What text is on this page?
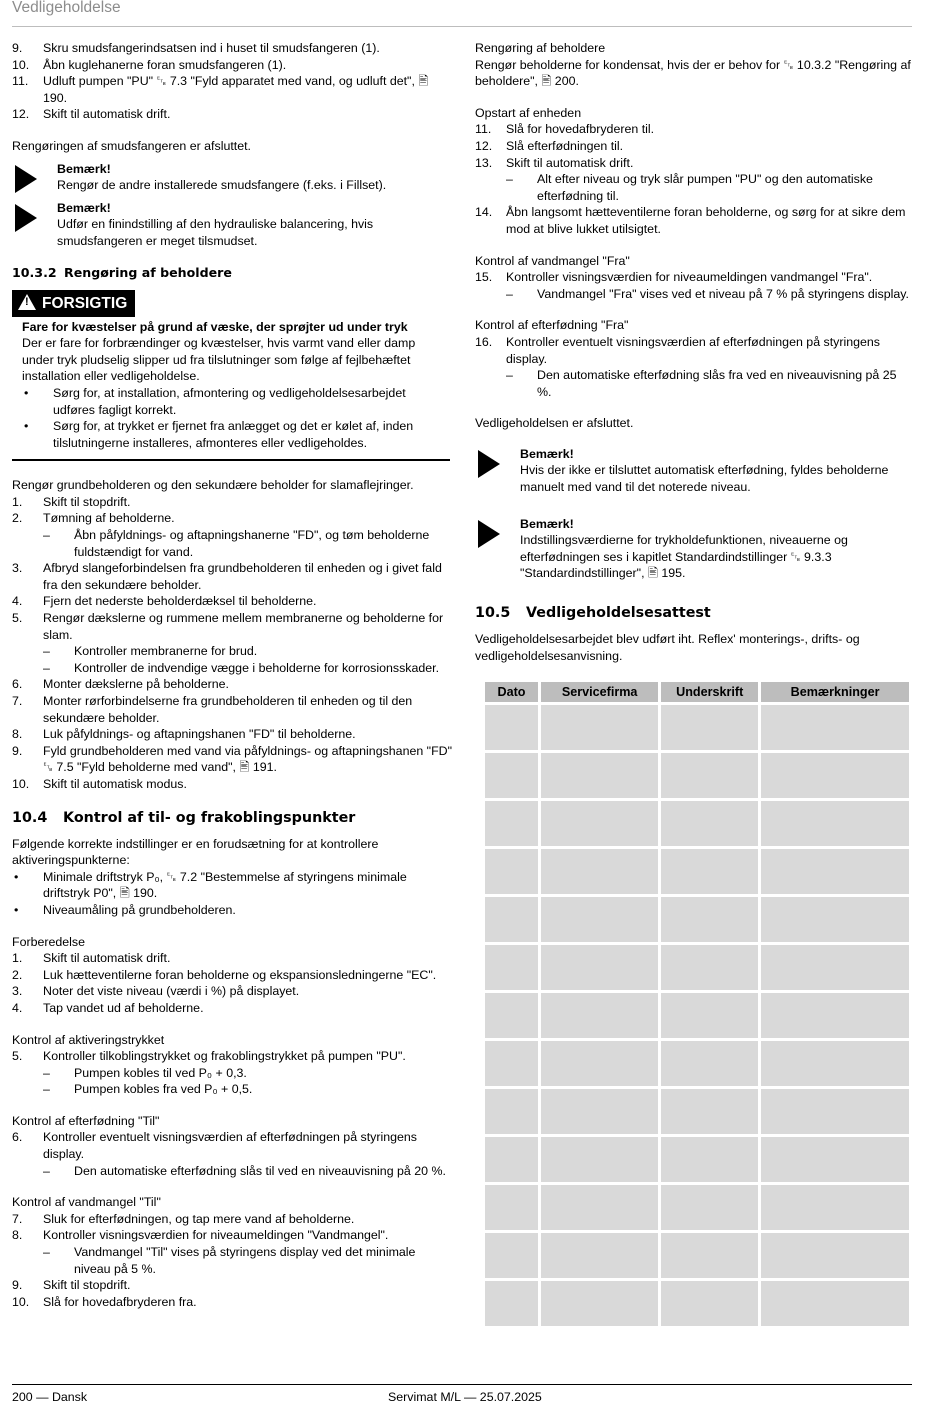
Vedligeholdelse
9. Skru smudsfangerindsatsen ind i huset til smudsfangeren (1).
10. Åbn kuglehanerne foran smudsfangeren (1).
11. Udluft pumpen "PU" ␗ 7.3 "Fyld apparatet med vand, og udluft det", 🖹 190.
12. Skift til automatisk drift.

Rengøringen af smudsfangeren er afsluttet.

Bemærk!
Rengør de andre installerede smudsfangere (f.eks. i Fillset).
Bemærk!
Udfør en finindstilling af den hydrauliske balancering, hvis smudsfangeren er meget tilsmudset.
10.3.2 Rengøring af beholdere
!FORSIGTIG
Fare for kvæstelser på grund af væske, der sprøjter ud under tryk
Der er fare for forbrændinger og kvæstelser, hvis varmt vand eller damp under tryk pludselig slipper ud fra tilslutninger som følge af fejlbehæftet installation eller vedligeholdelse.
• Sørg for, at installation, afmontering og vedligeholdelsesarbejdet udføres fagligt korrekt.
• Sørg for, at trykket er fjernet fra anlægget og det er kølet af, inden tilslutningerne installeres, afmonteres eller vedligeholdes.

Rengør grundbeholderen og den sekundære beholder for slamaflejringer.

1. Skift til stopdrift.
2. Tømning af beholderne.
– Åbn påfyldnings- og aftapningshanerne "FD", og tøm beholderne fuldstændigt for vand.
3. Afbryd slangeforbindelsen fra grundbeholderen til enheden og i givet fald fra den sekundære beholder.
4. Fjern det nederste beholderdæksel til beholderne.
5. Rengør dækslerne og rummene mellem membranerne og beholderne for slam.
– Kontroller membranerne for brud.
– Kontroller de indvendige vægge i beholderne for korrosionsskader.
6. Monter dækslerne på beholderne.
7. Monter rørforbindelserne fra grundbeholderen til enheden og til den sekundære beholder.
8. Luk påfyldnings- og aftapningshanen "FD" til beholderne.
9. Fyld grundbeholderen med vand via påfyldnings- og aftapningshanen "FD" ␗ 7.5 "Fyld beholderne med vand", 🖹 191.
10. Skift til automatisk modus.
10.4 Kontrol af til- og frakoblingspunkter

Følgende korrekte indstillinger er en forudsætning for at kontrollere aktiveringspunkterne:

• Minimale driftstryk P₀, ␗ 7.2 "Bestemmelse af styringens minimale driftstryk P0", 🖹 190.
• Niveaumåling på grundbeholderen.

Forberedelse

1. Skift til automatisk drift.
2. Luk hætteventilerne foran beholderne og ekspansionsledningerne "EC".
3. Noter det viste niveau (værdi i %) på displayet.
4. Tap vandet ud af beholderne.

Kontrol af aktiveringstrykket

5. Kontroller tilkoblingstrykket og frakoblingstrykket på pumpen "PU".
– Pumpen kobles til ved P₀ + 0,3.
– Pumpen kobles fra ved P₀ + 0,5.

Kontrol af efterfødning "Til"

6. Kontroller eventuelt visningsværdien af efterfødningen på styringens display.
– Den automatiske efterfødning slås til ved en niveauvisning på 20 %.

Kontrol af vandmangel "Til"

7. Sluk for efterfødningen, og tap mere vand af beholderne.
8. Kontroller visningsværdien for niveaumeldingen "Vandmangel".
– Vandmangel "Til" vises på styringens display ved det minimale niveau på 5 %.
9. Skift til stopdrift.
10. Slå for hovedafbryderen fra.

Rengøring af beholdere

Rengør beholderne for kondensat, hvis der er behov for ␗ 10.3.2 "Rengøring af beholdere", 🖹 200.

Opstart af enheden

11. Slå for hovedafbryderen til.
12. Slå efterfødningen til.
13. Skift til automatisk drift.
– Alt efter niveau og tryk slår pumpen "PU" og den automatiske efterfødning til.
14. Åbn langsomt hætteventilerne foran beholderne, og sørg for at sikre dem mod at blive lukket utilsigtet.

Kontrol af vandmangel "Fra"

15. Kontroller visningsværdien for niveaumeldingen vandmangel "Fra".
– Vandmangel "Fra" vises ved et niveau på 7 % på styringens display.

Kontrol af efterfødning "Fra"

16. Kontroller eventuelt visningsværdien af efterfødningen på styringens display.
– Den automatiske efterfødning slås fra ved en niveauvisning på 25 %.

Vedligeholdelsen er afsluttet.

Bemærk!
Hvis der ikke er tilsluttet automatisk efterfødning, fyldes beholderne manuelt med vand til det noterede niveau.
Bemærk!
Indstillingsværdierne for trykholdefunktionen, niveauerne og efterfødningen ses i kapitlet Standardindstillinger ␗ 9.3.3 "Standardindstillinger", 🖹 195.
10.5 Vedligeholdelsesattest

Vedligeholdelsesarbejdet blev udført iht. Reflex' monterings-, drifts- og vedligeholdelsesanvisning.

Dato	Servicefirma	Underskrift	Bemærkninger

200 — Dansk	Servimat M/L — 25.07.2025
